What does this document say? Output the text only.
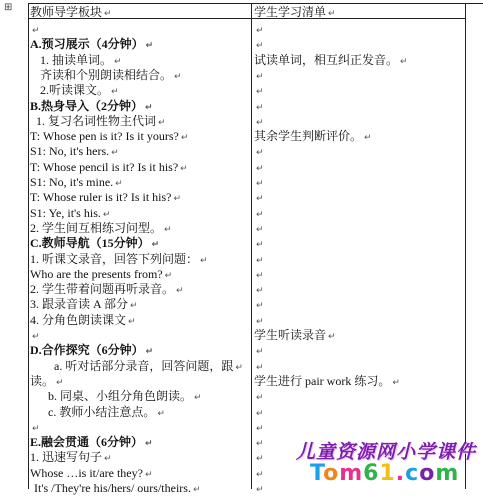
⊞ 教师导学板块 ↵
↵
A.预习展示（4分钟） ↵
1. 抽读单词。 ↵
齐读和个别朗读相结合。 ↵
2.听读课文。 ↵
B.热身导入（2分钟） ↵
1. 复习名词性物主代词 ↵
T: Whose pen is it? Is it yours? ↵
S1: No, it's hers. ↵
T: Whose pencil is it? Is it his? ↵
S1: No, it's mine. ↵
T: Whose ruler is it? Is it his? ↵
S1: Ye, it's his. ↵
2. 学生间互相练习问型。 ↵
C.教师导航（15分钟） ↵
1. 听课文录音，回答下列问题： ↵
Who are the presents from? ↵
2. 学生带着问题再听录音。 ↵
3. 跟录音读 A 部分 ↵
4. 分角色朗读课文 ↵
↵
D.合作探究（6分钟） ↵
a. 听对话部分录音，回答问题，跟 ↵
读。 ↵
b. 同桌、小组分角色朗读。 ↵
c. 教师小结注意点。 ↵
↵
E.融会贯通（6分钟） ↵
1. 迅速写句子 ↵
Whose …is it/are they? ↵
It's /They're his/hers/ ours/theirs. ↵
学生学习清单 ↵
↵
↵
试读单词，相互纠正发音。 ↵
↵
↵
↵
↵
其余学生判断评价。 ↵
↵
↵
↵
↵
↵
↵
↵
↵
↵
↵
↵
↵
学生听读录音 ↵
↵
↵
学生进行 pair work 练习。 ↵
↵
↵
↵
↵
↵
↵
↵
儿童资源网小学课件
Tom61.com
